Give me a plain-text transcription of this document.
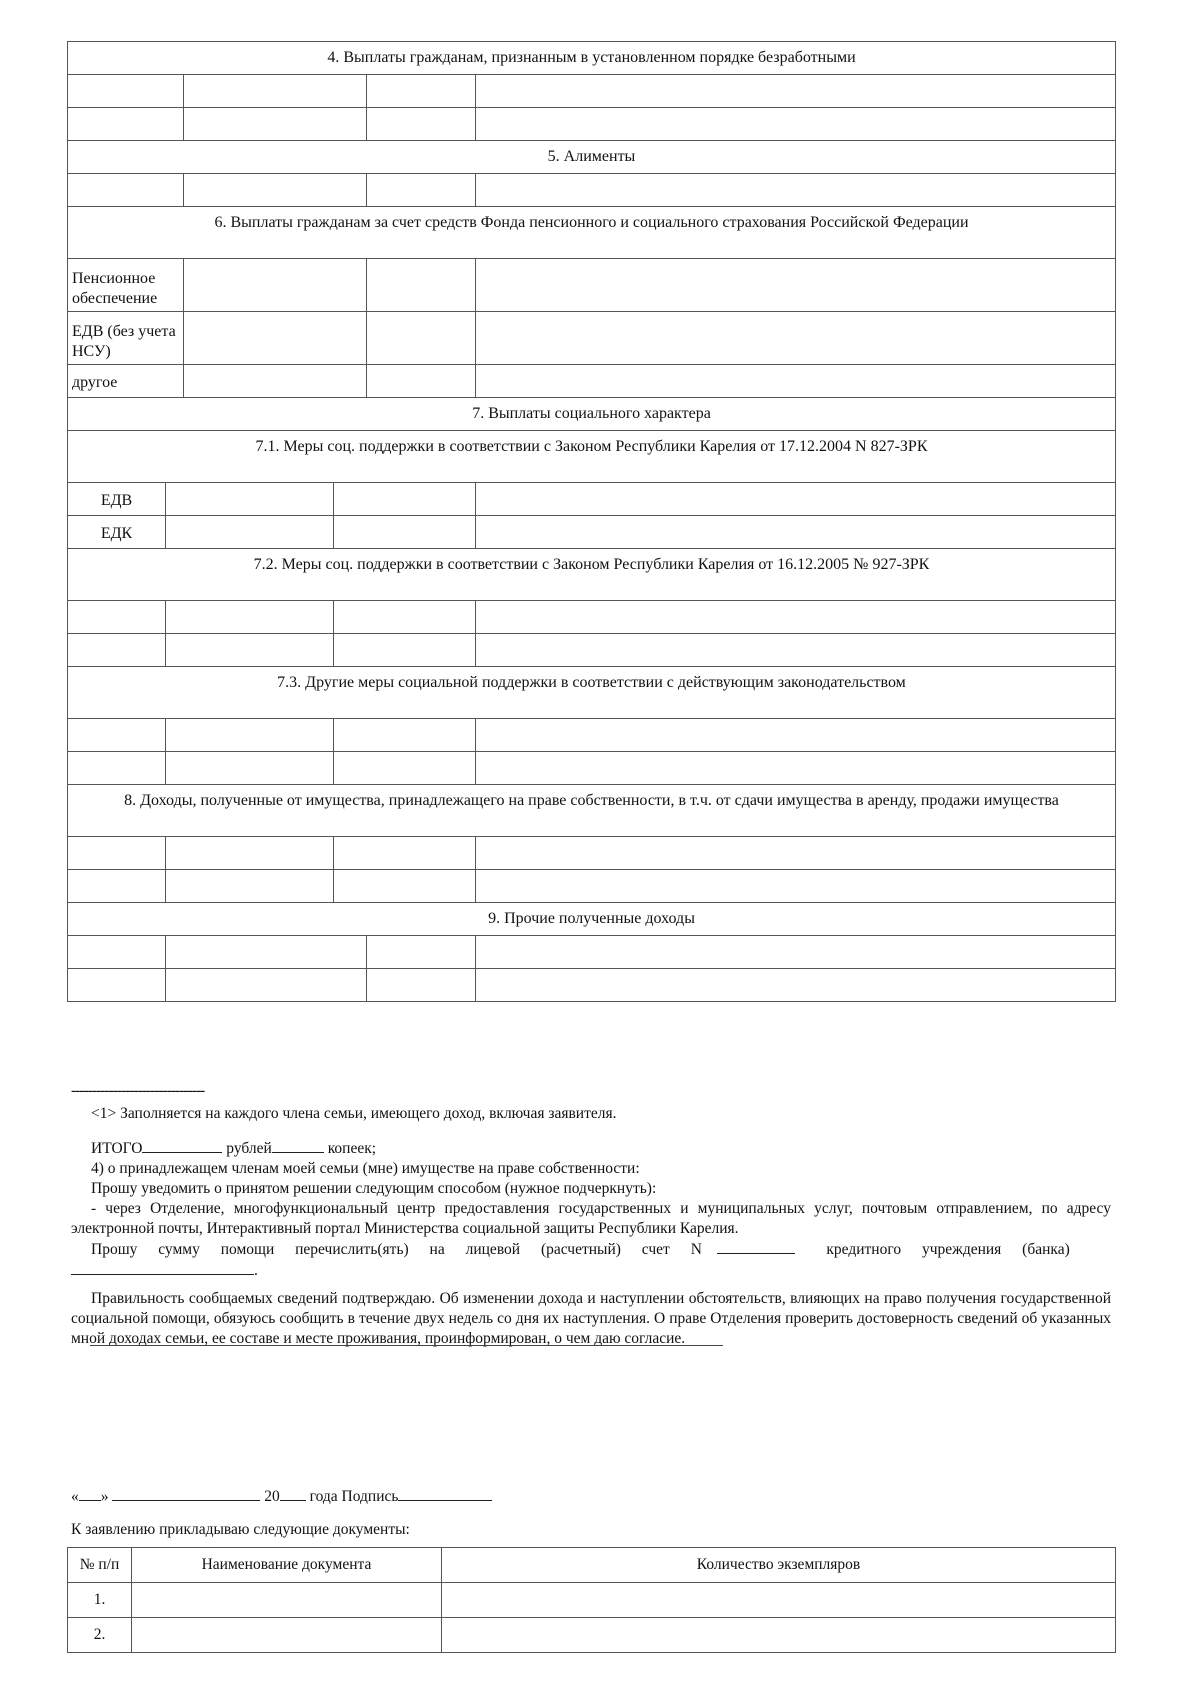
4. Выплаты гражданам, признанным в установленном порядке безработными					

5. Алименты					

6. Выплаты гражданам за счет средств Фонда пенсионного и социального страхования Российской Федерации					
Пенсионное обеспечение					
ЕДВ (без учета НСУ)					
другое					
7. Выплаты социального характера					
7.1. Меры соц. поддержки в соответствии с Законом Республики Карелия от 17.12.2004 N 827-ЗРК					
ЕДВ					
ЕДК					
7.2. Меры соц. поддержки в соответствии с Законом Республики Карелия от 16.12.2005 № 927-ЗРК					

7.3. Другие меры социальной поддержки в соответствии с действующим законодательством					

8. Доходы, полученные от имущества, принадлежащего на праве собственности, в т.ч. от сдачи имущества в аренду, продажи имущества					

9. Прочие полученные доходы					

--------------------------------

<1> Заполняется на каждого члена семьи, имеющего доход, включая заявителя.

ИТОГО	рублей	копеек;

4) о принадлежащем членам моей семьи (мне) имуществе на праве собственности:

Прошу уведомить о принятом решении следующим способом (нужное подчеркнуть):

- через Отделение, многофункциональный центр предоставления государственных и муниципальных услуг, почтовым отправлением, по адресу электронной почты, Интерактивный портал Министерства социальной защиты Республики Карелия.

Прошу сумму помощи перечислить(ять) на лицевой (расчетный) счет N	кредитного учреждения (банка)

.

Правильность сообщаемых сведений подтверждаю. Об изменении дохода и наступлении обстоятельств, влияющих на право получения государственной социальной помощи, обязуюсь сообщить в течение двух недель со дня их наступления. О праве Отделения проверить достоверность сведений об указанных мной доходах семьи, ее составе и месте проживания, проинформирован, о чем даю согласие.

« »	20 года Подпись
К заявлению прикладываю следующие документы:
№ п/п	Наименование документа	Количество экземпляров
1.		
2.		
